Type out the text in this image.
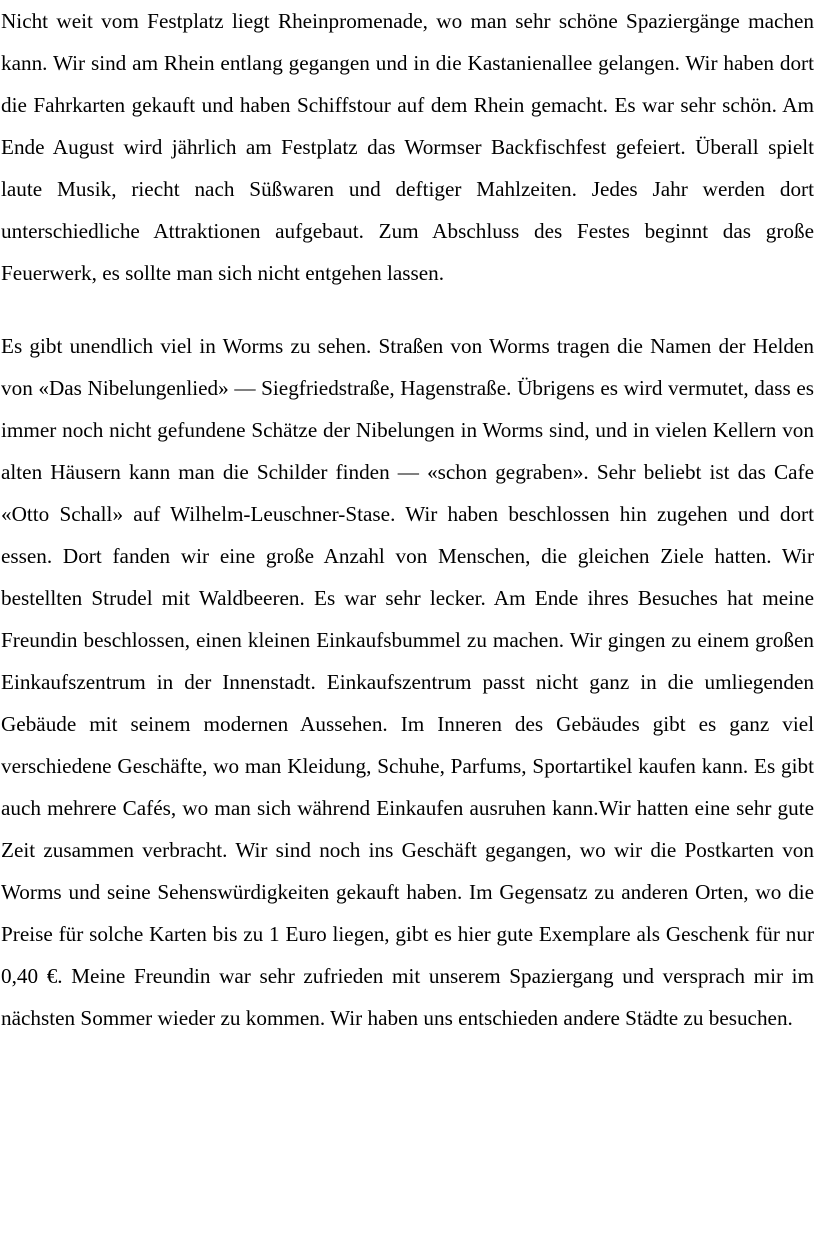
Nicht weit vom Festplatz liegt Rheinpromenade, wo man sehr schöne Spaziergänge machen kann. Wir sind am Rhein entlang gegangen und in die Kastanienallee gelangen. Wir haben dort die Fahrkarten gekauft und haben Schiffstour auf dem Rhein gemacht. Es war sehr schön. Am Ende August wird jährlich am Festplatz das Wormser Backfischfest gefeiert. Überall spielt laute Musik, riecht nach Süßwaren und deftiger Mahlzeiten. Jedes Jahr werden dort unterschiedliche Attraktionen aufgebaut. Zum Abschluss des Festes beginnt das große Feuerwerk, es sollte man sich nicht entgehen lassen.

Es gibt unendlich viel in Worms zu sehen. Straßen von Worms tragen die Namen der Helden von «Das Nibelungenlied» — Siegfriedstraße, Hagenstraße. Übrigens es wird vermutet, dass es immer noch nicht gefundene Schätze der Nibelungen in Worms sind, und in vielen Kellern von alten Häusern kann man die Schilder finden — «schon gegraben». Sehr beliebt ist das Cafe «Otto Schall» auf Wilhelm-Leuschner-Stase. Wir haben beschlossen hin zugehen und dort essen. Dort fanden wir eine große Anzahl von Menschen, die gleichen Ziele hatten. Wir bestellten Strudel mit Waldbeeren. Es war sehr lecker. Am Ende ihres Besuches hat meine Freundin beschlossen, einen kleinen Einkaufsbummel zu machen. Wir gingen zu einem großen Einkaufszentrum in der Innenstadt. Einkaufszentrum passt nicht ganz in die umliegenden Gebäude mit seinem modernen Aussehen. Im Inneren des Gebäudes gibt es ganz viel verschiedene Geschäfte, wo man Kleidung, Schuhe, Parfums, Sportartikel kaufen kann. Es gibt auch mehrere Cafés, wo man sich während Einkaufen ausruhen kann.Wir hatten eine sehr gute Zeit zusammen verbracht. Wir sind noch ins Geschäft gegangen, wo wir die Postkarten von Worms und seine Sehenswürdigkeiten gekauft haben. Im Gegensatz zu anderen Orten, wo die Preise für solche Karten bis zu 1 Euro liegen, gibt es hier gute Exemplare als Geschenk für nur 0,40 €. Meine Freundin war sehr zufrieden mit unserem Spaziergang und versprach mir im nächsten Sommer wieder zu kommen. Wir haben uns entschieden andere Städte zu besuchen.
